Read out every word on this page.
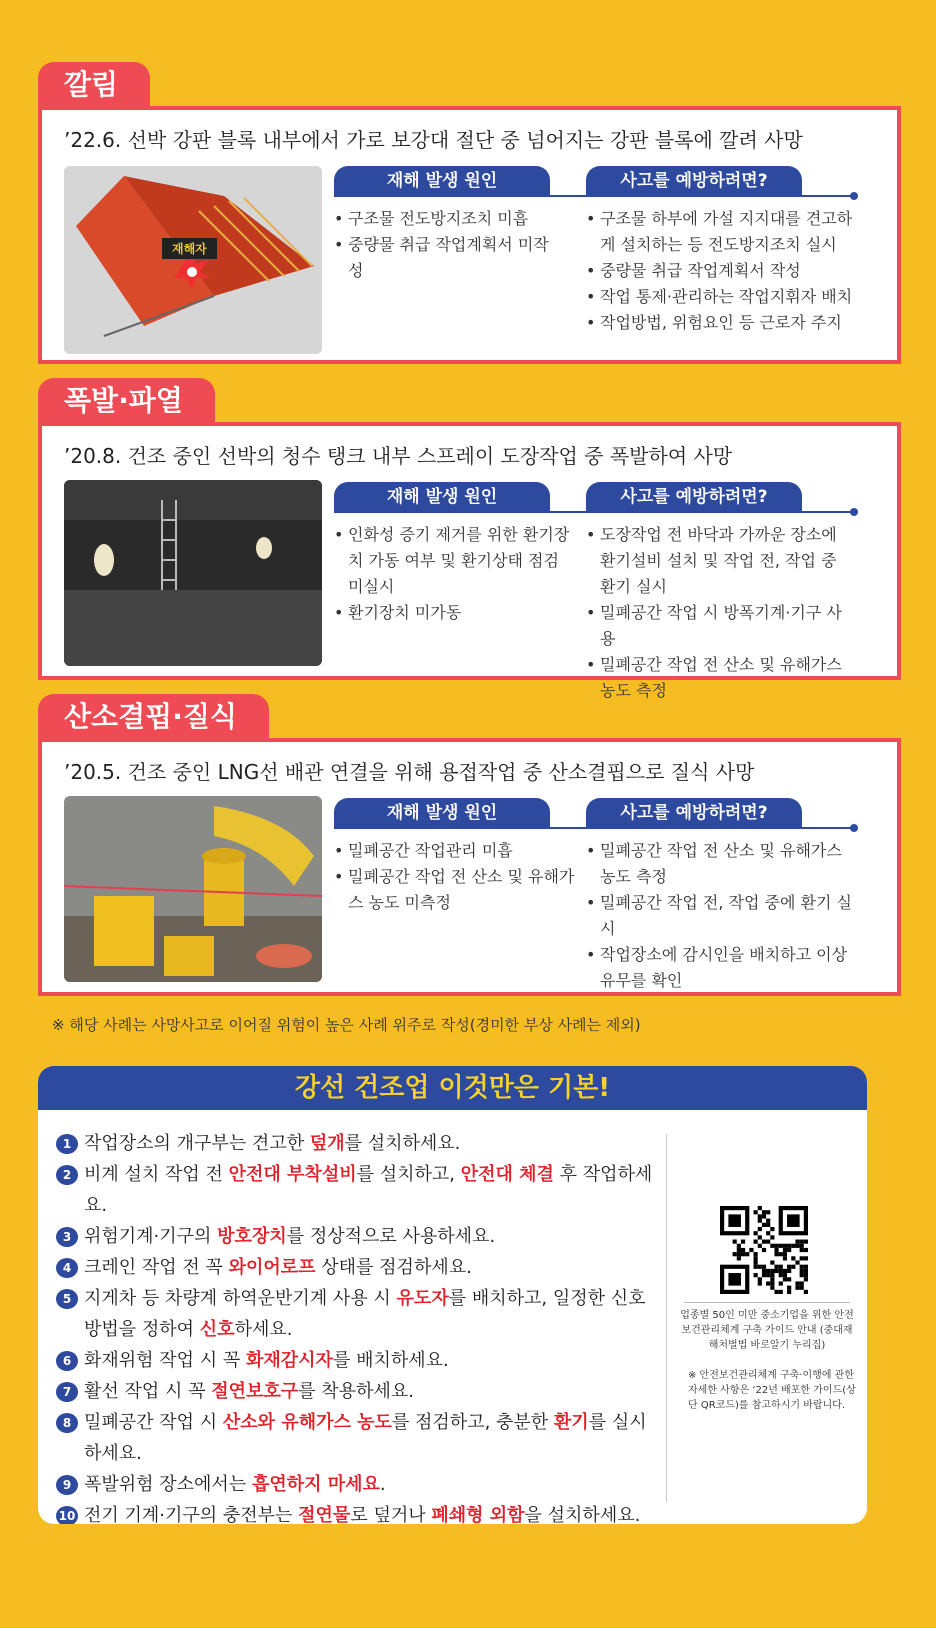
깔림
’22.6. 선박 강판 블록 내부에서 가로 보강대 절단 중 넘어지는 강판 블록에 깔려 사망
재해자
재해 발생 원인
• 구조물 전도방지조치 미흡
• 중량물 취급 작업계획서 미작성
사고를 예방하려면?
• 구조물 하부에 가설 지지대를 견고하게 설치하는 등 전도방지조치 실시
• 중량물 취급 작업계획서 작성
• 작업 통제·관리하는 작업지휘자 배치
• 작업방법, 위험요인 등 근로자 주지
폭발·파열
’20.8. 건조 중인 선박의 청수 탱크 내부 스프레이 도장작업 중 폭발하여 사망
재해 발생 원인
• 인화성 증기 제거를 위한 환기장치 가동 여부 및 환기상태 점검 미실시
• 환기장치 미가동
사고를 예방하려면?
• 도장작업 전 바닥과 가까운 장소에 환기설비 설치 및 작업 전, 작업 중 환기 실시
• 밀폐공간 작업 시 방폭기계·기구 사용
• 밀폐공간 작업 전 산소 및 유해가스 농도 측정
산소결핍·질식
’20.5. 건조 중인 LNG선 배관 연결을 위해 용접작업 중 산소결핍으로 질식 사망
재해 발생 원인
• 밀폐공간 작업관리 미흡
• 밀폐공간 작업 전 산소 및 유해가스 농도 미측정
사고를 예방하려면?
• 밀폐공간 작업 전 산소 및 유해가스 농도 측정
• 밀폐공간 작업 전, 작업 중에 환기 실시
• 작업장소에 감시인을 배치하고 이상 유무를 확인
※ 해당 사례는 사망사고로 이어질 위험이 높은 사례 위주로 작성(경미한 부상 사례는 제외)
강선 건조업 이것만은 기본!
1 작업장소의 개구부는 견고한 덮개를 설치하세요.
2 비계 설치 작업 전 안전대 부착설비를 설치하고, 안전대 체결 후 작업하세요.
3 위험기계·기구의 방호장치를 정상적으로 사용하세요.
4 크레인 작업 전 꼭 와이어로프 상태를 점검하세요.
5 지게차 등 차량계 하역운반기계 사용 시 유도자를 배치하고, 일정한 신호방법을 정하여 신호하세요.
6 화재위험 작업 시 꼭 화재감시자를 배치하세요.
7 활선 작업 시 꼭 절연보호구를 착용하세요.
8 밀폐공간 작업 시 산소와 유해가스 농도를 점검하고, 충분한 환기를 실시하세요.
9 폭발위험 장소에서는 흡연하지 마세요.
10 전기 기계·기구의 충전부는 절연물로 덮거나 폐쇄형 외함을 설치하세요.
업종별 50인 미만 중소기업을 위한 안전보건관리체계 구축 가이드 안내 (중대재해처벌법 바로알기 누리집)
※ 안전보건관리체계 구축·이행에 관한 자세한 사항은 ‘22년 배포한 가이드(상단 QR코드)를 참고하시기 바랍니다.
